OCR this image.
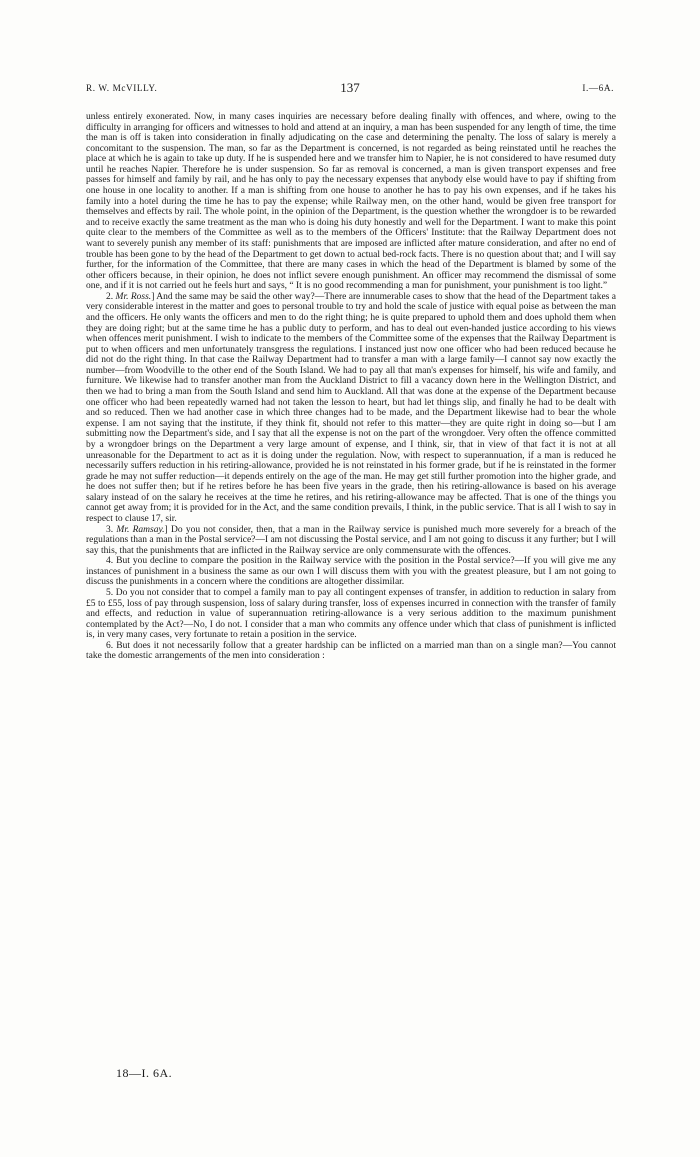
R. W. McVILLY.	137	I.—6A.

unless entirely exonerated. Now, in many cases inquiries are necessary before dealing finally with offences, and where, owing to the difficulty in arranging for officers and witnesses to hold and attend at an inquiry, a man has been suspended for any length of time, the time the man is off is taken into consideration in finally adjudicating on the case and determining the penalty. The loss of salary is merely a concomitant to the suspension. The man, so far as the Department is concerned, is not regarded as being reinstated until he reaches the place at which he is again to take up duty. If he is suspended here and we transfer him to Napier, he is not considered to have resumed duty until he reaches Napier. Therefore he is under suspension. So far as removal is concerned, a man is given transport expenses and free passes for himself and family by rail, and he has only to pay the necessary expenses that anybody else would have to pay if shifting from one house in one locality to another. If a man is shifting from one house to another he has to pay his own expenses, and if he takes his family into a hotel during the time he has to pay the expense; while Railway men, on the other hand, would be given free transport for themselves and effects by rail. The whole point, in the opinion of the Department, is the question whether the wrongdoer is to be rewarded and to receive exactly the same treatment as the man who is doing his duty honestly and well for the Department. I want to make this point quite clear to the members of the Committee as well as to the members of the Officers' Institute: that the Railway Department does not want to severely punish any member of its staff: punishments that are imposed are inflicted after mature consideration, and after no end of trouble has been gone to by the head of the Department to get down to actual bed-rock facts. There is no question about that; and I will say further, for the information of the Committee, that there are many cases in which the head of the Department is blamed by some of the other officers because, in their opinion, he does not inflict severe enough punishment. An officer may recommend the dismissal of some one, and if it is not carried out he feels hurt and says, “ It is no good recommending a man for punishment, your punishment is too light.”

2. Mr. Ross.] And the same may be said the other way?—There are innumerable cases to show that the head of the Department takes a very considerable interest in the matter and goes to personal trouble to try and hold the scale of justice with equal poise as between the man and the officers. He only wants the officers and men to do the right thing; he is quite prepared to uphold them and does uphold them when they are doing right; but at the same time he has a public duty to perform, and has to deal out even-handed justice according to his views when offences merit punishment. I wish to indicate to the members of the Committee some of the expenses that the Railway Department is put to when officers and men unfortunately transgress the regulations. I instanced just now one officer who had been reduced because he did not do the right thing. In that case the Railway Department had to transfer a man with a large family—I cannot say now exactly the number—from Woodville to the other end of the South Island. We had to pay all that man's expenses for himself, his wife and family, and furniture. We likewise had to transfer another man from the Auckland District to fill a vacancy down here in the Wellington District, and then we had to bring a man from the South Island and send him to Auckland. All that was done at the expense of the Department because one officer who had been repeatedly warned had not taken the lesson to heart, but had let things slip, and finally he had to be dealt with and so reduced. Then we had another case in which three changes had to be made, and the Department likewise had to bear the whole expense. I am not saying that the institute, if they think fit, should not refer to this matter—they are quite right in doing so—but I am submitting now the Department's side, and I say that all the expense is not on the part of the wrongdoer. Very often the offence committed by a wrongdoer brings on the Department a very large amount of expense, and I think, sir, that in view of that fact it is not at all unreasonable for the Department to act as it is doing under the regulation. Now, with respect to superannuation, if a man is reduced he necessarily suffers reduction in his retiring-allowance, provided he is not reinstated in his former grade, but if he is reinstated in the former grade he may not suffer reduction—it depends entirely on the age of the man. He may get still further promotion into the higher grade, and he does not suffer then; but if he retires before he has been five years in the grade, then his retiring-allowance is based on his average salary instead of on the salary he receives at the time he retires, and his retiring-allowance may be affected. That is one of the things you cannot get away from; it is provided for in the Act, and the same condition prevails, I think, in the public service. That is all I wish to say in respect to clause 17, sir.

3. Mr. Ramsay.] Do you not consider, then, that a man in the Railway service is punished much more severely for a breach of the regulations than a man in the Postal service?—I am not discussing the Postal service, and I am not going to discuss it any further; but I will say this, that the punishments that are inflicted in the Railway service are only commensurate with the offences.

4. But you decline to compare the position in the Railway service with the position in the Postal service?—If you will give me any instances of punishment in a business the same as our own I will discuss them with you with the greatest pleasure, but I am not going to discuss the punishments in a concern where the conditions are altogether dissimilar.

5. Do you not consider that to compel a family man to pay all contingent expenses of transfer, in addition to reduction in salary from £5 to £55, loss of pay through suspension, loss of salary during transfer, loss of expenses incurred in connection with the transfer of family and effects, and reduction in value of superannuation retiring-allowance is a very serious addition to the maximum punishment contemplated by the Act?—No, I do not. I consider that a man who commits any offence under which that class of punishment is inflicted is, in very many cases, very fortunate to retain a position in the service.

6. But does it not necessarily follow that a greater hardship can be inflicted on a married man than on a single man?—You cannot take the domestic arrangements of the men into consideration :

18—I. 6A.
